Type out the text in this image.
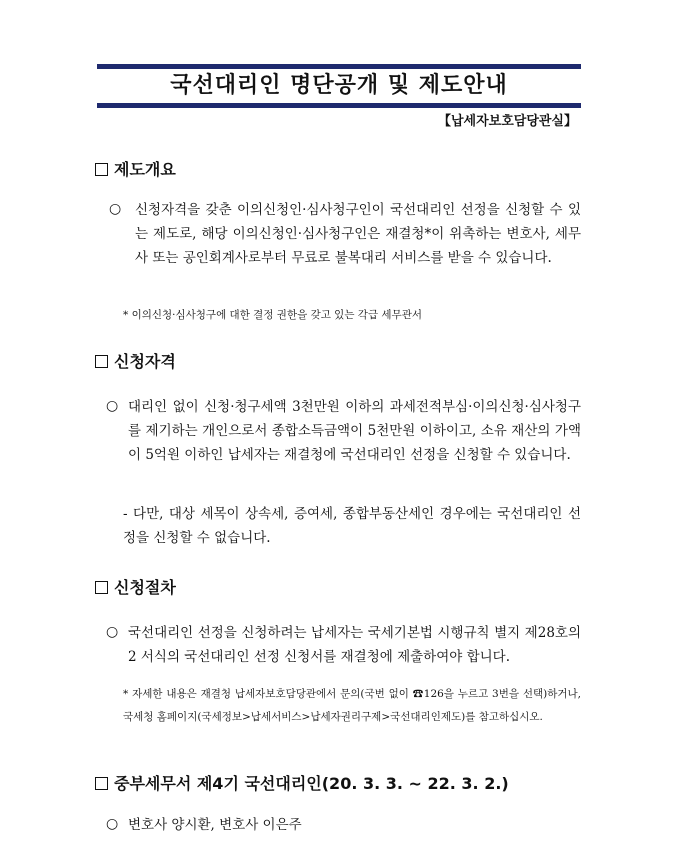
국선대리인 명단공개 및 제도안내
【납세자보호담당관실】
제도개요
○ 신청자격을 갖춘 이의신청인·심사청구인이 국선대리인 선정을 신청할 수 있는 제도로, 해당 이의신청인·심사청구인은 재결청*이 위촉하는 변호사, 세무사 또는 공인회계사로부터 무료로 불복대리 서비스를 받을 수 있습니다.
* 이의신청·심사청구에 대한 결정 권한을 갖고 있는 각급 세무관서
신청자격
○ 대리인 없이 신청·청구세액 3천만원 이하의 과세전적부심·이의신청·심사청구를 제기하는 개인으로서 종합소득금액이 5천만원 이하이고, 소유 재산의 가액이 5억원 이하인 납세자는 재결청에 국선대리인 선정을 신청할 수 있습니다.
- 다만, 대상 세목이 상속세, 증여세, 종합부동산세인 경우에는 국선대리인 선정을 신청할 수 없습니다.
신청절차
○ 국선대리인 선정을 신청하려는 납세자는 국세기본법 시행규칙 별지 제28호의2 서식의 국선대리인 선정 신청서를 재결청에 제출하여야 합니다.
* 자세한 내용은 재결청 납세자보호담당관에서 문의(국번 없이 ☎126을 누르고 3번을 선택)하거나, 국세청 홈페이지(국세정보>납세서비스>납세자권리구제>국선대리인제도)를 참고하십시오.
중부세무서 제4기 국선대리인(20. 3. 3. ~ 22. 3. 2.)
○ 변호사 양시환, 변호사 이은주
